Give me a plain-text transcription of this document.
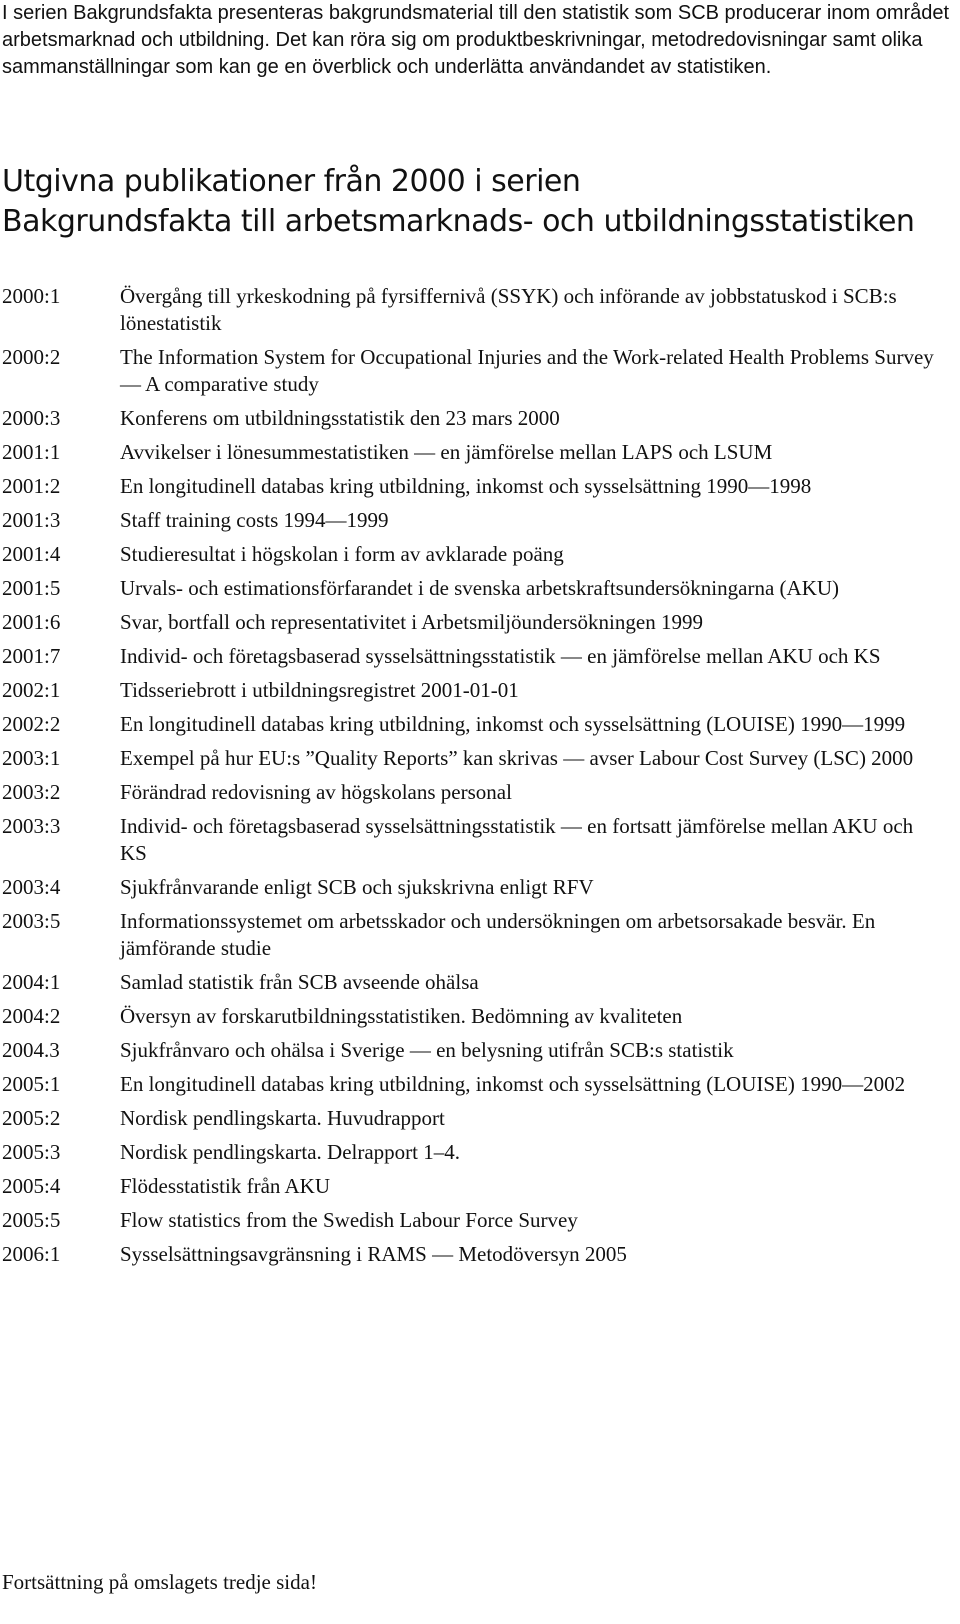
I serien Bakgrundsfakta presenteras bakgrundsmaterial till den statistik som SCB producerar inom området arbetsmarknad och utbildning. Det kan röra sig om produktbeskrivningar, metodredovisningar samt olika sammanställningar som kan ge en överblick och underlätta användandet av statistiken.

Utgivna publikationer från 2000 i serien
Bakgrundsfakta till arbetsmarknads- och utbildningsstatistiken
2000:1	Övergång till yrkeskodning på fyrsiffernivå (SSYK) och införande av jobbstatuskod i SCB:s lönestatistik
2000:2	The Information System for Occupational Injuries and the Work-related Health Problems Survey — A comparative study
2000:3	Konferens om utbildningsstatistik den 23 mars 2000
2001:1	Avvikelser i lönesummestatistiken — en jämförelse mellan LAPS och LSUM
2001:2	En longitudinell databas kring utbildning, inkomst och sysselsättning 1990—1998
2001:3	Staff training costs 1994—1999
2001:4	Studieresultat i högskolan i form av avklarade poäng
2001:5	Urvals- och estimationsförfarandet i de svenska arbetskraftsundersökningarna (AKU)
2001:6	Svar, bortfall och representativitet i Arbetsmiljöundersökningen 1999
2001:7	Individ- och företagsbaserad sysselsättningsstatistik — en jämförelse mellan AKU och KS
2002:1	Tidsseriebrott i utbildningsregistret 2001-01-01
2002:2	En longitudinell databas kring utbildning, inkomst och sysselsättning (LOUISE) 1990—1999
2003:1	Exempel på hur EU:s ”Quality Reports” kan skrivas — avser Labour Cost Survey (LSC) 2000
2003:2	Förändrad redovisning av högskolans personal
2003:3	Individ- och företagsbaserad sysselsättningsstatistik — en fortsatt jämförelse mellan AKU och KS
2003:4	Sjukfrånvarande enligt SCB och sjukskrivna enligt RFV
2003:5	Informationssystemet om arbetsskador och undersökningen om arbetsorsakade besvär. En jämförande studie
2004:1	Samlad statistik från SCB avseende ohälsa
2004:2	Översyn av forskarutbildningsstatistiken. Bedömning av kvaliteten
2004.3	Sjukfrånvaro och ohälsa i Sverige — en belysning utifrån SCB:s statistik
2005:1	En longitudinell databas kring utbildning, inkomst och sysselsättning (LOUISE) 1990—2002
2005:2	Nordisk pendlingskarta. Huvudrapport
2005:3	Nordisk pendlingskarta. Delrapport 1–4.
2005:4	Flödesstatistik från AKU
2005:5	Flow statistics from the Swedish Labour Force Survey
2006:1	Sysselsättningsavgränsning i RAMS — Metodöversyn 2005

Fortsättning på omslagets tredje sida!
